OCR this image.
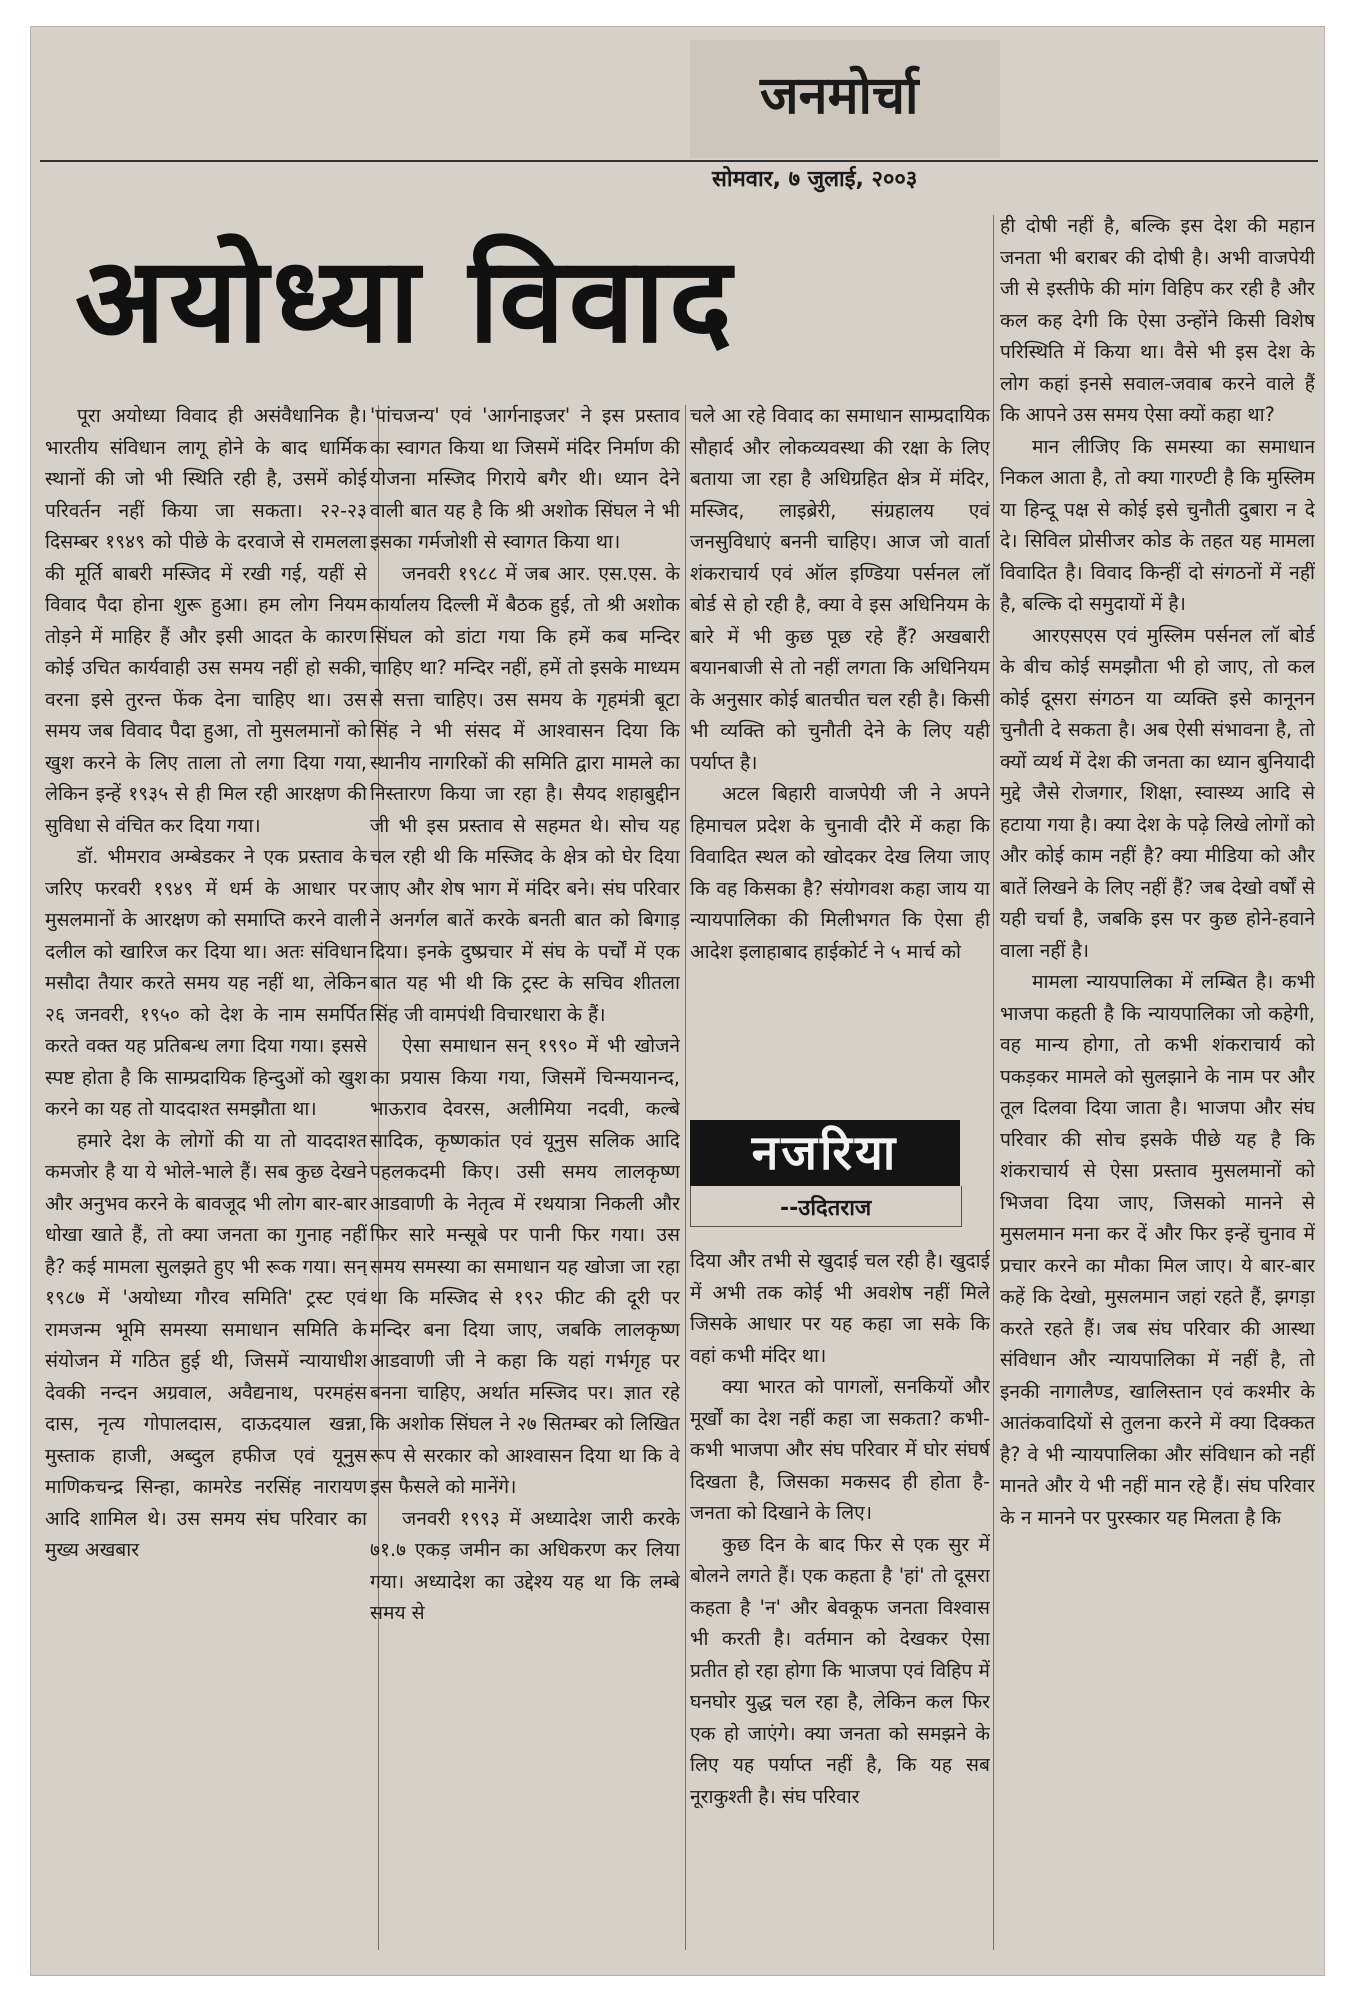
जनमोर्चा
सोमवार, ७ जुलाई, २००३
अयोध्या विवाद

पूरा अयोध्या विवाद ही असंवैधानिक है। भारतीय संविधान लागू होने के बाद धार्मिक स्थानों की जो भी स्थिति रही है, उसमें कोई परिवर्तन नहीं किया जा सकता। २२-२३ दिसम्बर १९४९ को पीछे के दरवाजे से रामलला की मूर्ति बाबरी मस्जिद में रखी गई, यहीं से विवाद पैदा होना शुरू हुआ। हम लोग नियम तोड़ने में माहिर हैं और इसी आदत के कारण कोई उचित कार्यवाही उस समय नहीं हो सकी, वरना इसे तुरन्त फेंक देना चाहिए था। उस समय जब विवाद पैदा हुआ, तो मुसलमानों को खुश करने के लिए ताला तो लगा दिया गया, लेकिन इन्हें १९३५ से ही मिल रही आरक्षण की सुविधा से वंचित कर दिया गया।

डॉ. भीमराव अम्बेडकर ने एक प्रस्ताव के जरिए फरवरी १९४९ में धर्म के आधार पर मुसलमानों के आरक्षण को समाप्ति करने वाली दलील को खारिज कर दिया था। अतः संविधान मसौदा तैयार करते समय यह नहीं था, लेकिन २६ जनवरी, १९५० को देश के नाम समर्पित करते वक्त यह प्रतिबन्ध लगा दिया गया। इससे स्पष्ट होता है कि साम्प्रदायिक हिन्दुओं को खुश करने का यह तो याददाश्त समझौता था।

हमारे देश के लोगों की या तो याददाश्त कमजोर है या ये भोले-भाले हैं। सब कुछ देखने और अनुभव करने के बावजूद भी लोग बार-बार धोखा खाते हैं, तो क्या जनता का गुनाह नहीं है? कई मामला सुलझते हुए भी रूक गया। सन् १९८७ में 'अयोध्या गौरव समिति' ट्रस्ट एवं रामजन्म भूमि समस्या समाधान समिति के संयोजन में गठित हुई थी, जिसमें न्यायाधीश देवकी नन्दन अग्रवाल, अवैद्यनाथ, परमहंस दास, नृत्य गोपालदास, दाऊदयाल खन्ना, मुस्ताक हाजी, अब्दुल हफीज एवं यूनुस माणिकचन्द्र सिन्हा, कामरेड नरसिंह नारायण आदि शामिल थे। उस समय संघ परिवार का मुख्य अखबार

'पांचजन्य' एवं 'आर्गनाइजर' ने इस प्रस्ताव का स्वागत किया था जिसमें मंदिर निर्माण की योजना मस्जिद गिराये बगैर थी। ध्यान देने वाली बात यह है कि श्री अशोक सिंघल ने भी इसका गर्मजोशी से स्वागत किया था।

जनवरी १९८८ में जब आर. एस.एस. के कार्यालय दिल्ली में बैठक हुई, तो श्री अशोक सिंघल को डांटा गया कि हमें कब मन्दिर चाहिए था? मन्दिर नहीं, हमें तो इसके माध्यम से सत्ता चाहिए। उस समय के गृहमंत्री बूटा सिंह ने भी संसद में आश्वासन दिया कि स्थानीय नागरिकों की समिति द्वारा मामले का निस्तारण किया जा रहा है। सैयद शहाबुद्दीन जी भी इस प्रस्ताव से सहमत थे। सोच यह चल रही थी कि मस्जिद के क्षेत्र को घेर दिया जाए और शेष भाग में मंदिर बने। संघ परिवार ने अनर्गल बातें करके बनती बात को बिगाड़ दिया। इनके दुष्प्रचार में संघ के पर्चों में एक बात यह भी थी कि ट्रस्ट के सचिव शीतला सिंह जी वामपंथी विचारधारा के हैं।

ऐसा समाधान सन् १९९० में भी खोजने का प्रयास किया गया, जिसमें चिन्मयानन्द, भाऊराव देवरस, अलीमिया नदवी, कल्बे सादिक, कृष्णकांत एवं यूनुस सलिक आदि पहलकदमी किए। उसी समय लालकृष्ण आडवाणी के नेतृत्व में रथयात्रा निकली और फिर सारे मन्सूबे पर पानी फिर गया। उस समय समस्या का समाधान यह खोजा जा रहा था कि मस्जिद से १९२ फीट की दूरी पर मन्दिर बना दिया जाए, जबकि लालकृष्ण आडवाणी जी ने कहा कि यहां गर्भगृह पर बनना चाहिए, अर्थात मस्जिद पर। ज्ञात रहे कि अशोक सिंघल ने २७ सितम्बर को लिखित रूप से सरकार को आश्वासन दिया था कि वे इस फैसले को मानेंगे।

जनवरी १९९३ में अध्यादेश जारी करके ७१.७ एकड़ जमीन का अधिकरण कर लिया गया। अध्यादेश का उद्देश्य यह था कि लम्बे समय से

चले आ रहे विवाद का समाधान साम्प्रदायिक सौहार्द और लोकव्यवस्था की रक्षा के लिए बताया जा रहा है अधिग्रहित क्षेत्र में मंदिर, मस्जिद, लाइब्रेरी, संग्रहालय एवं जनसुविधाएं बननी चाहिए। आज जो वार्ता शंकराचार्य एवं ऑल इण्डिया पर्सनल लॉ बोर्ड से हो रही है, क्या वे इस अधिनियम के बारे में भी कुछ पूछ रहे हैं? अखबारी बयानबाजी से तो नहीं लगता कि अधिनियम के अनुसार कोई बातचीत चल रही है। किसी भी व्यक्ति को चुनौती देने के लिए यही पर्याप्त है।

अटल बिहारी वाजपेयी जी ने अपने हिमाचल प्रदेश के चुनावी दौरे में कहा कि विवादित स्थल को खोदकर देख लिया जाए कि वह किसका है? संयोगवश कहा जाय या न्यायपालिका की मिलीभगत कि ऐसा ही आदेश इलाहाबाद हाईकोर्ट ने ५ मार्च को

नजरिया
--उदितराज

दिया और तभी से खुदाई चल रही है। खुदाई में अभी तक कोई भी अवशेष नहीं मिले जिसके आधार पर यह कहा जा सके कि वहां कभी मंदिर था।

क्या भारत को पागलों, सनकियों और मूर्खों का देश नहीं कहा जा सकता? कभी-कभी भाजपा और संघ परिवार में घोर संघर्ष दिखता है, जिसका मकसद ही होता है- जनता को दिखाने के लिए।

कुछ दिन के बाद फिर से एक सुर में बोलने लगते हैं। एक कहता है 'हां' तो दूसरा कहता है 'न' और बेवकूफ जनता विश्वास भी करती है। वर्तमान को देखकर ऐसा प्रतीत हो रहा होगा कि भाजपा एवं विहिप में घनघोर युद्ध चल रहा है, लेकिन कल फिर एक हो जाएंगे। क्या जनता को समझने के लिए यह पर्याप्त नहीं है, कि यह सब नूराकुश्ती है। संघ परिवार

ही दोषी नहीं है, बल्कि इस देश की महान जनता भी बराबर की दोषी है। अभी वाजपेयी जी से इस्तीफे की मांग विहिप कर रही है और कल कह देगी कि ऐसा उन्होंने किसी विशेष परिस्थिति में किया था। वैसे भी इस देश के लोग कहां इनसे सवाल-जवाब करने वाले हैं कि आपने उस समय ऐसा क्यों कहा था?

मान लीजिए कि समस्या का समाधान निकल आता है, तो क्या गारण्टी है कि मुस्लिम या हिन्दू पक्ष से कोई इसे चुनौती दुबारा न दे दे। सिविल प्रोसीजर कोड के तहत यह मामला विवादित है। विवाद किन्हीं दो संगठनों में नहीं है, बल्कि दो समुदायों में है।

आरएसएस एवं मुस्लिम पर्सनल लॉ बोर्ड के बीच कोई समझौता भी हो जाए, तो कल कोई दूसरा संगठन या व्यक्ति इसे कानूनन चुनौती दे सकता है। अब ऐसी संभावना है, तो क्यों व्यर्थ में देश की जनता का ध्यान बुनियादी मुद्दे जैसे रोजगार, शिक्षा, स्वास्थ्य आदि से हटाया गया है। क्या देश के पढ़े लिखे लोगों को और कोई काम नहीं है? क्या मीडिया को और बातें लिखने के लिए नहीं हैं? जब देखो वर्षों से यही चर्चा है, जबकि इस पर कुछ होने-हवाने वाला नहीं है।

मामला न्यायपालिका में लम्बित है। कभी भाजपा कहती है कि न्यायपालिका जो कहेगी, वह मान्य होगा, तो कभी शंकराचार्य को पकड़कर मामले को सुलझाने के नाम पर और तूल दिलवा दिया जाता है। भाजपा और संघ परिवार की सोच इसके पीछे यह है कि शंकराचार्य से ऐसा प्रस्ताव मुसलमानों को भिजवा दिया जाए, जिसको मानने से मुसलमान मना कर दें और फिर इन्हें चुनाव में प्रचार करने का मौका मिल जाए। ये बार-बार कहें कि देखो, मुसलमान जहां रहते हैं, झगड़ा करते रहते हैं। जब संघ परिवार की आस्था संविधान और न्यायपालिका में नहीं है, तो इनकी नागालैण्ड, खालिस्तान एवं कश्मीर के आतंकवादियों से तुलना करने में क्या दिक्कत है? वे भी न्यायपालिका और संविधान को नहीं मानते और ये भी नहीं मान रहे हैं। संघ परिवार के न मानने पर पुरस्कार यह मिलता है कि
